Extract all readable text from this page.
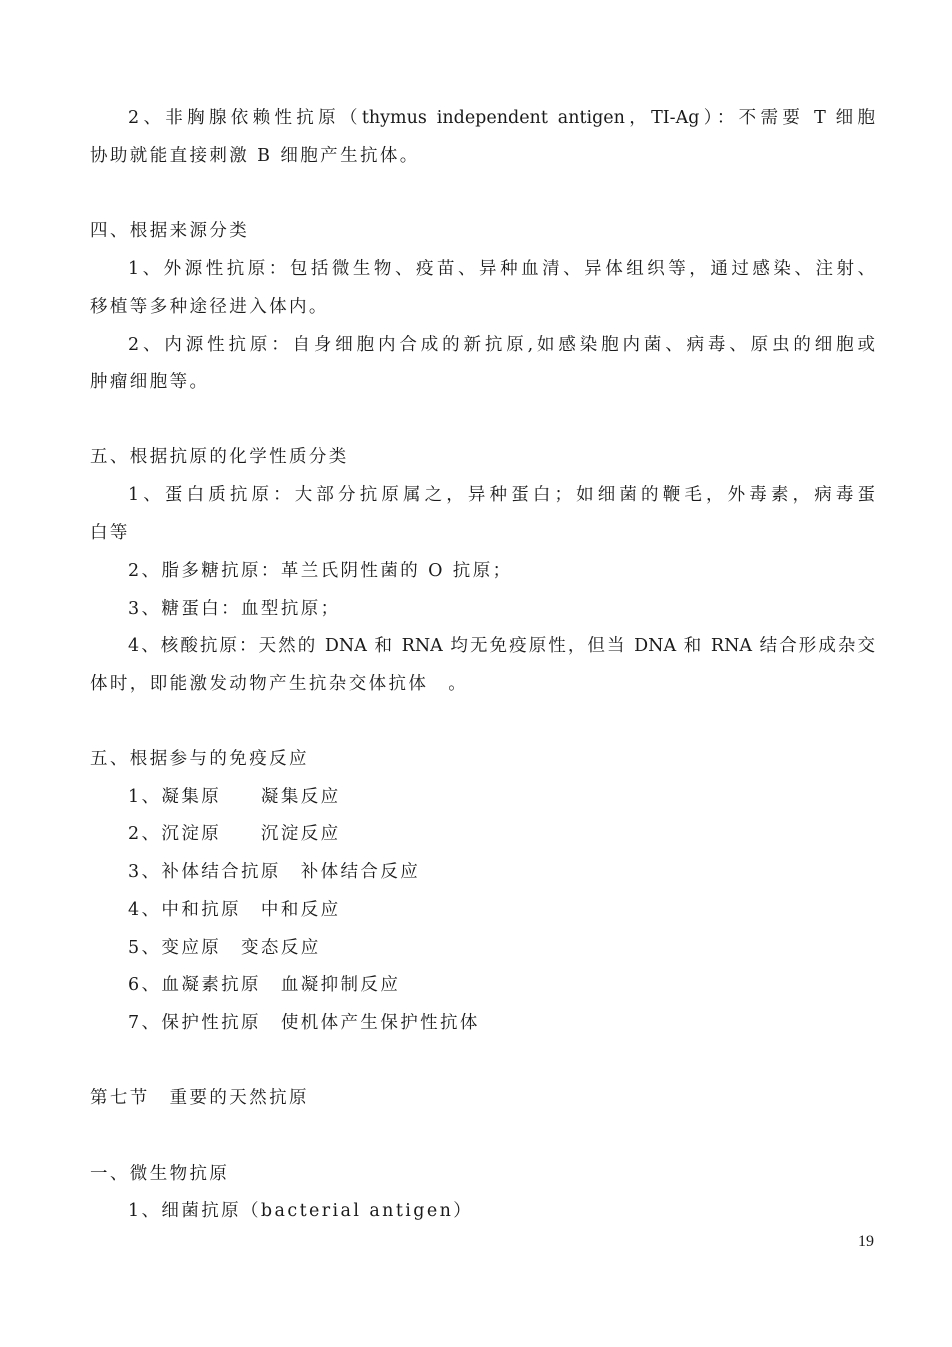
2、非胸腺依赖性抗原（thymus independent antigen，TI-Ag）：不需要 T 细胞
协助就能直接刺激 B 细胞产生抗体。
四、根据来源分类
1、外源性抗原：包括微生物、疫苗、异种血清、异体组织等，通过感染、注射、
移植等多种途径进入体内。
2、内源性抗原：自身细胞内合成的新抗原,如感染胞内菌、病毒、原虫的细胞或
肿瘤细胞等。
五、根据抗原的化学性质分类
1、蛋白质抗原：大部分抗原属之，异种蛋白；如细菌的鞭毛，外毒素，病毒蛋
白等
2、脂多糖抗原：革兰氏阴性菌的 O 抗原；
3、糖蛋白：血型抗原；
4、核酸抗原：天然的 DNA 和 RNA 均无免疫原性，但当 DNA 和 RNA 结合形成杂交
体时，即能激发动物产生抗杂交体抗体　。
五、根据参与的免疫反应
1、凝集原　　凝集反应
2、沉淀原　　沉淀反应
3、补体结合抗原　补体结合反应
4、中和抗原　中和反应
5、变应原　变态反应
6、血凝素抗原　血凝抑制反应
7、保护性抗原　使机体产生保护性抗体
第七节　重要的天然抗原
一、微生物抗原
1、细菌抗原（bacterial antigen）
19
